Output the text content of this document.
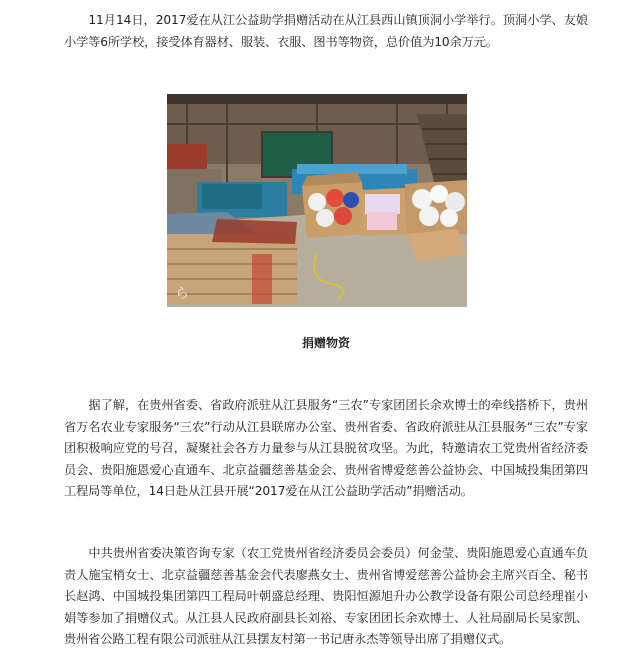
11月14日，2017爱在从江公益助学捐赠活动在从江县西山镇顶洞小学举行。顶洞小学、友娘小学等6所学校，接受体育器材、服装、衣服、图书等物资，总价值为10余万元。

ら

捐赠物资

据了解，在贵州省委、省政府派驻从江县服务“三农”专家团团长余欢博士的牵线搭桥下，贵州省万名农业专家服务“三农”行动从江县联席办公室、贵州省委、省政府派驻从江县服务“三农”专家团积极响应党的号召，凝聚社会各方力量参与从江县脱贫攻坚。为此，特邀请农工党贵州省经济委员会、贵阳施恩爱心直通车、北京益疆慈善基金会、贵州省博爱慈善公益协会、中国城投集团第四工程局等单位，14日赴从江县开展“2017爱在从江公益助学活动”捐赠活动。

中共贵州省委决策咨询专家（农工党贵州省经济委员会委员）何金莹、贵阳施恩爱心直通车负责人施宝梢女士、北京益疆慈善基金会代表廖燕女士、贵州省博爱慈善公益协会主席兴百全、秘书长赵鸿、中国城投集团第四工程局叶朝盛总经理、贵阳恒源旭升办公教学设备有限公司总经理崔小娟等参加了捐赠仪式。从江县人民政府副县长刘裕、专家团团长余欢博士、人社局副局长吴家凯、贵州省公路工程有限公司派驻从江县摆友村第一书记唐永杰等领导出席了捐赠仪式。
